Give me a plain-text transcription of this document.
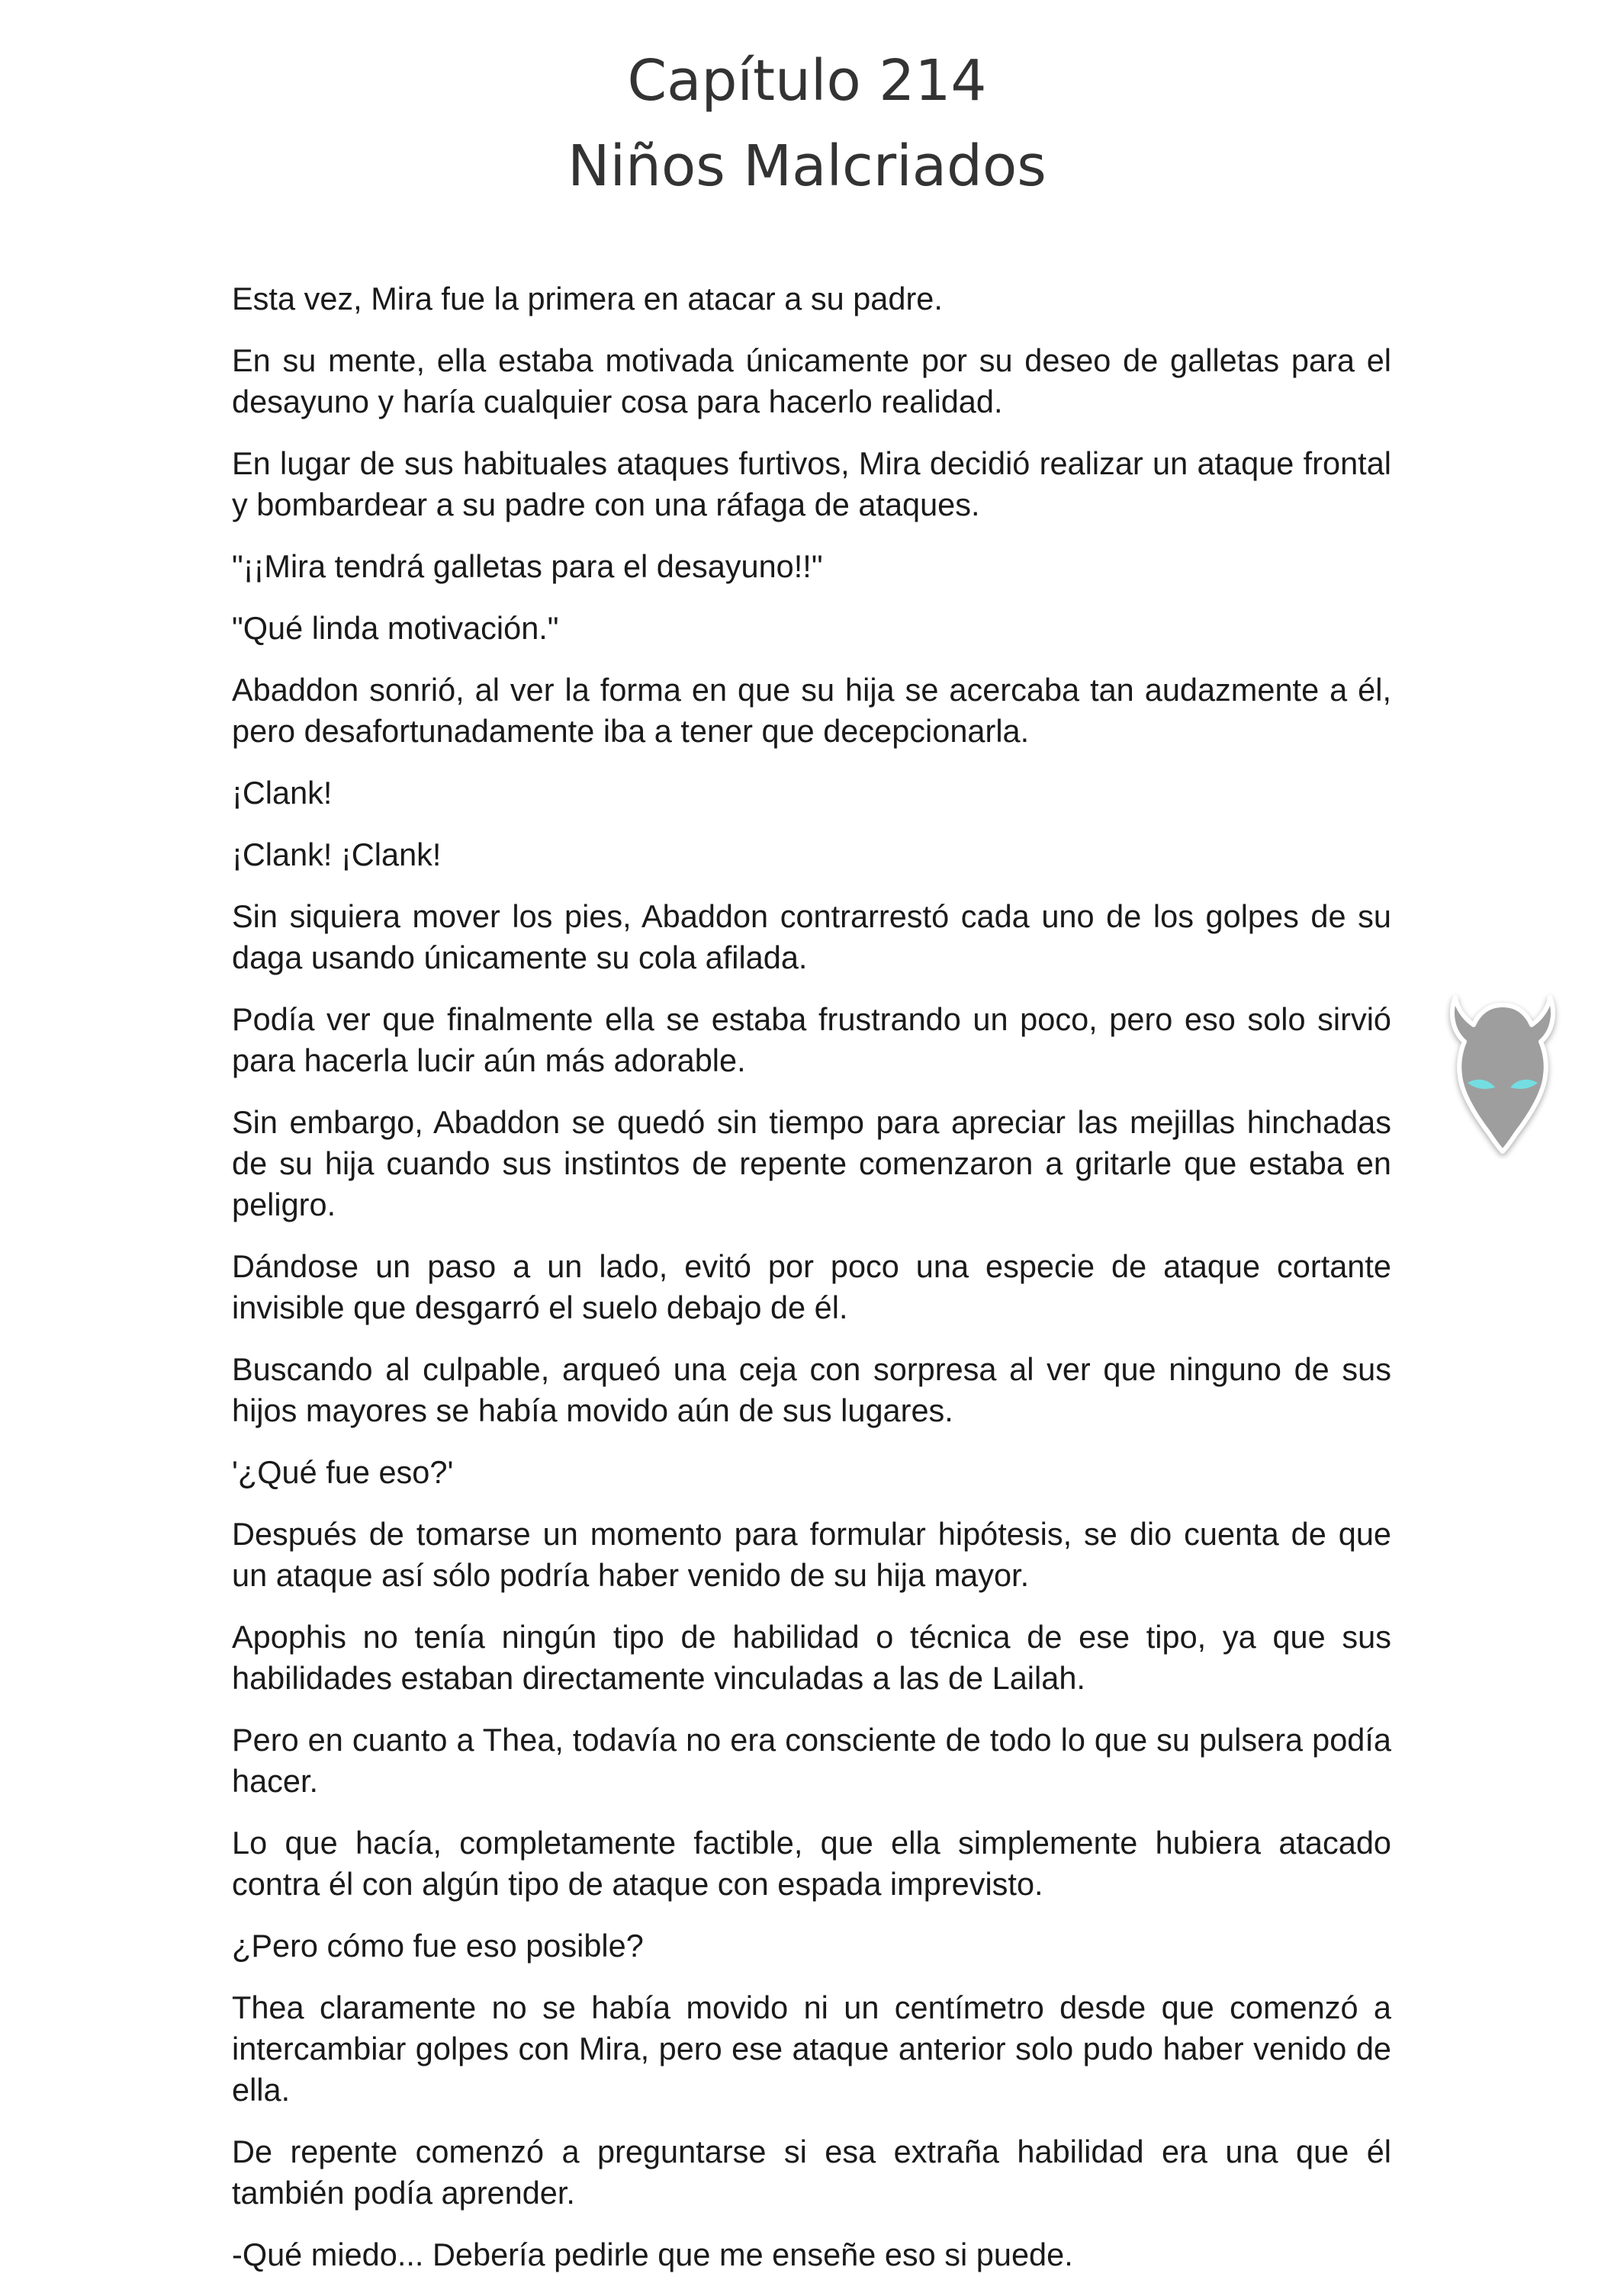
Capítulo 214
Niños Malcriados

Esta vez, Mira fue la primera en atacar a su padre.

En su mente, ella estaba motivada únicamente por su deseo de galletas para el desayuno y haría cualquier cosa para hacerlo realidad.

En lugar de sus habituales ataques furtivos, Mira decidió realizar un ataque frontal y bombardear a su padre con una ráfaga de ataques.

"¡¡Mira tendrá galletas para el desayuno!!"

"Qué linda motivación."

Abaddon sonrió, al ver la forma en que su hija se acercaba tan audazmente a él, pero desafortunadamente iba a tener que decepcionarla.

¡Clank!

¡Clank! ¡Clank!

Sin siquiera mover los pies, Abaddon contrarrestó cada uno de los golpes de su daga usando únicamente su cola afilada.

Podía ver que finalmente ella se estaba frustrando un poco, pero eso solo sirvió para hacerla lucir aún más adorable.

Sin embargo, Abaddon se quedó sin tiempo para apreciar las mejillas hinchadas de su hija cuando sus instintos de repente comenzaron a gritarle que estaba en peligro.

Dándose un paso a un lado, evitó por poco una especie de ataque cortante invisible que desgarró el suelo debajo de él.

Buscando al culpable, arqueó una ceja con sorpresa al ver que ninguno de sus hijos mayores se había movido aún de sus lugares.

'¿Qué fue eso?'

Después de tomarse un momento para formular hipótesis, se dio cuenta de que un ataque así sólo podría haber venido de su hija mayor.

Apophis no tenía ningún tipo de habilidad o técnica de ese tipo, ya que sus habilidades estaban directamente vinculadas a las de Lailah.

Pero en cuanto a Thea, todavía no era consciente de todo lo que su pulsera podía hacer.

Lo que hacía, completamente factible, que ella simplemente hubiera atacado contra él con algún tipo de ataque con espada imprevisto.

¿Pero cómo fue eso posible?

Thea claramente no se había movido ni un centímetro desde que comenzó a intercambiar golpes con Mira, pero ese ataque anterior solo pudo haber venido de ella.

De repente comenzó a preguntarse si esa extraña habilidad era una que él también podía aprender.

-Qué miedo... Debería pedirle que me enseñe eso si puede.
